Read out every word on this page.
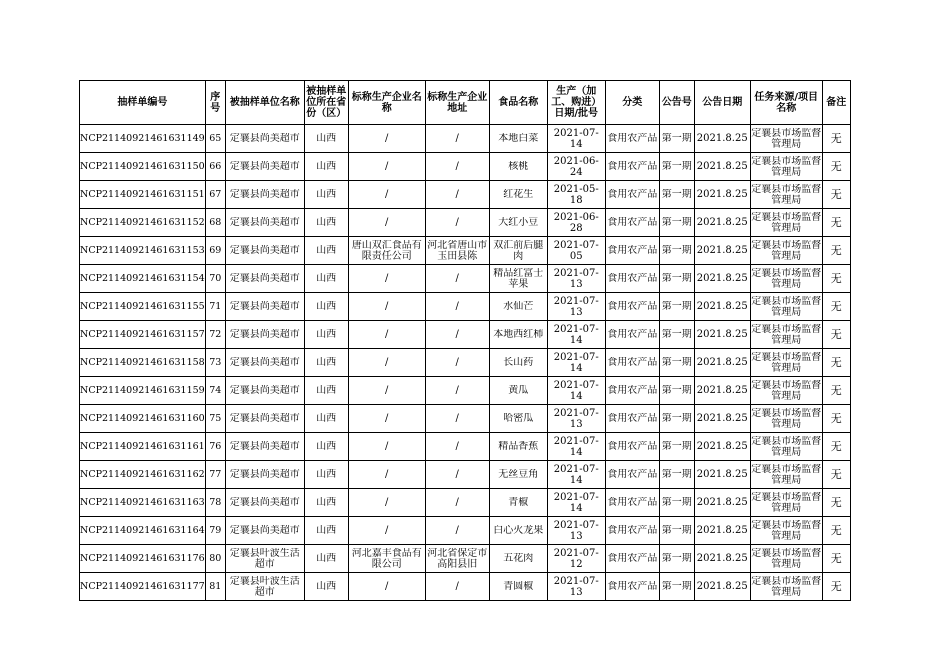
抽样单编号	序号	被抽样单位名称	被抽样单位所在省份（区）	标称生产企业名称	标称生产企业地址	食品名称	生产（加工、购进）日期/批号	分类	公告号	公告日期	任务来源/项目名称	备注

NCP21140921461631149	65	定襄县尚美超市	山西	/	/	本地白菜	2021-07-14	食用农产品	第一期	2021.8.25	定襄县市场监督管理局	无

NCP21140921461631150	66	定襄县尚美超市	山西	/	/	核桃	2021-06-24	食用农产品	第一期	2021.8.25	定襄县市场监督管理局	无

NCP21140921461631151	67	定襄县尚美超市	山西	/	/	红花生	2021-05-18	食用农产品	第一期	2021.8.25	定襄县市场监督管理局	无

NCP21140921461631152	68	定襄县尚美超市	山西	/	/	大红小豆	2021-06-28	食用农产品	第一期	2021.8.25	定襄县市场监督管理局	无

NCP21140921461631153	69	定襄县尚美超市	山西	唐山双汇食品有限责任公司	河北省唐山市玉田县陈	双汇前后腿肉	2021-07-05	食用农产品	第一期	2021.8.25	定襄县市场监督管理局	无

NCP21140921461631154	70	定襄县尚美超市	山西	/	/	精品红富士苹果	2021-07-13	食用农产品	第一期	2021.8.25	定襄县市场监督管理局	无

NCP21140921461631155	71	定襄县尚美超市	山西	/	/	水仙芒	2021-07-13	食用农产品	第一期	2021.8.25	定襄县市场监督管理局	无

NCP21140921461631157	72	定襄县尚美超市	山西	/	/	本地西红柿	2021-07-14	食用农产品	第一期	2021.8.25	定襄县市场监督管理局	无

NCP21140921461631158	73	定襄县尚美超市	山西	/	/	长山药	2021-07-14	食用农产品	第一期	2021.8.25	定襄县市场监督管理局	无

NCP21140921461631159	74	定襄县尚美超市	山西	/	/	黄瓜	2021-07-14	食用农产品	第一期	2021.8.25	定襄县市场监督管理局	无

NCP21140921461631160	75	定襄县尚美超市	山西	/	/	哈密瓜	2021-07-13	食用农产品	第一期	2021.8.25	定襄县市场监督管理局	无

NCP21140921461631161	76	定襄县尚美超市	山西	/	/	精品香蕉	2021-07-14	食用农产品	第一期	2021.8.25	定襄县市场监督管理局	无

NCP21140921461631162	77	定襄县尚美超市	山西	/	/	无丝豆角	2021-07-14	食用农产品	第一期	2021.8.25	定襄县市场监督管理局	无

NCP21140921461631163	78	定襄县尚美超市	山西	/	/	青椒	2021-07-14	食用农产品	第一期	2021.8.25	定襄县市场监督管理局	无

NCP21140921461631164	79	定襄县尚美超市	山西	/	/	白心火龙果	2021-07-13	食用农产品	第一期	2021.8.25	定襄县市场监督管理局	无

NCP21140921461631176	80	定襄县叶波生活超市	山西	河北嘉丰食品有限公司	河北省保定市高阳县旧	五花肉	2021-07-12	食用农产品	第一期	2021.8.25	定襄县市场监督管理局	无

NCP21140921461631177	81	定襄县叶波生活超市	山西	/	/	青圆椒	2021-07-13	食用农产品	第一期	2021.8.25	定襄县市场监督管理局	无
